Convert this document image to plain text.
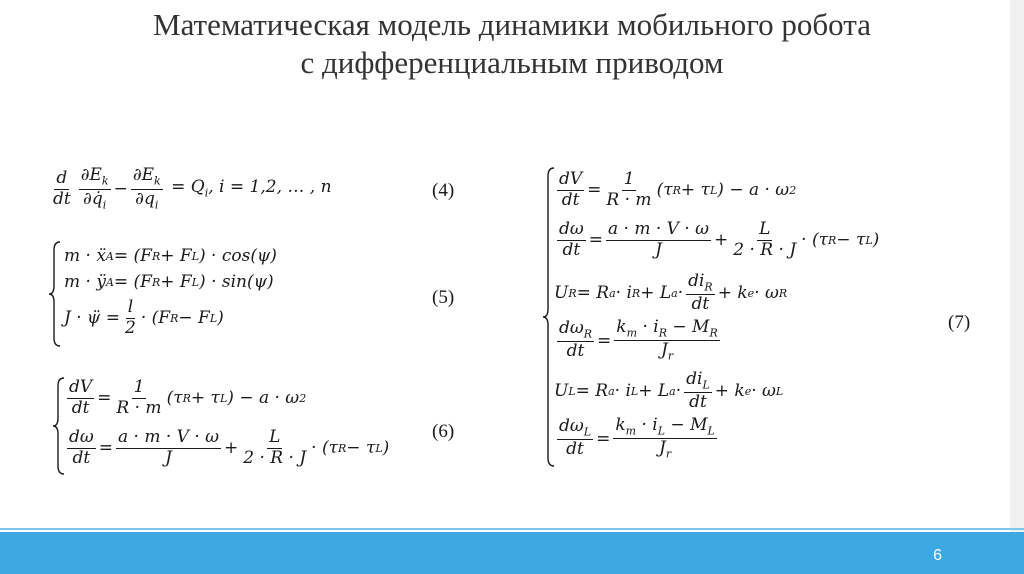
Математическая модель динамики мобильного робота
с дифференциальным приводом
d
dt
$\partial E_k$
$\partial q̇_i$
− $\frac{\partial E_k}{\partial q_i} = Q_i$, i = 1,2, … , n	(4)
m · ẍ A = (F R + F L ) · cos(ψ)
m · ÿ A = (F R + F L ) · sin(ψ)
J · ψ̈ =
l
2 · (F R − F L )
(5)
dV
dt =
1
R · m (τ R + τ L ) − a · ω 2
dω
dt =
a · m · V · ω
J	+
L
2 · R · J · (τ R − τ L )
(6)
dV
dt =
1
R · m (τ R + τ L ) − a · ω 2
dω
dt =
a · m · V · ω
J	+
L
2 · R · J · (τ R − τ L )
U R = R a · i R + L a ·
$di_R$
dt
+ k e · ω R
$d\omega_R$
dt
=
$k_m \cdot i_R - M_R$
$J_r$
U L = R a · i L + L a ·
$di_L$
dt
+ k e · ω L
$d\omega_L$
dt
=
$k_m \cdot i_L - M_L$
$J_r$
(7)
6
